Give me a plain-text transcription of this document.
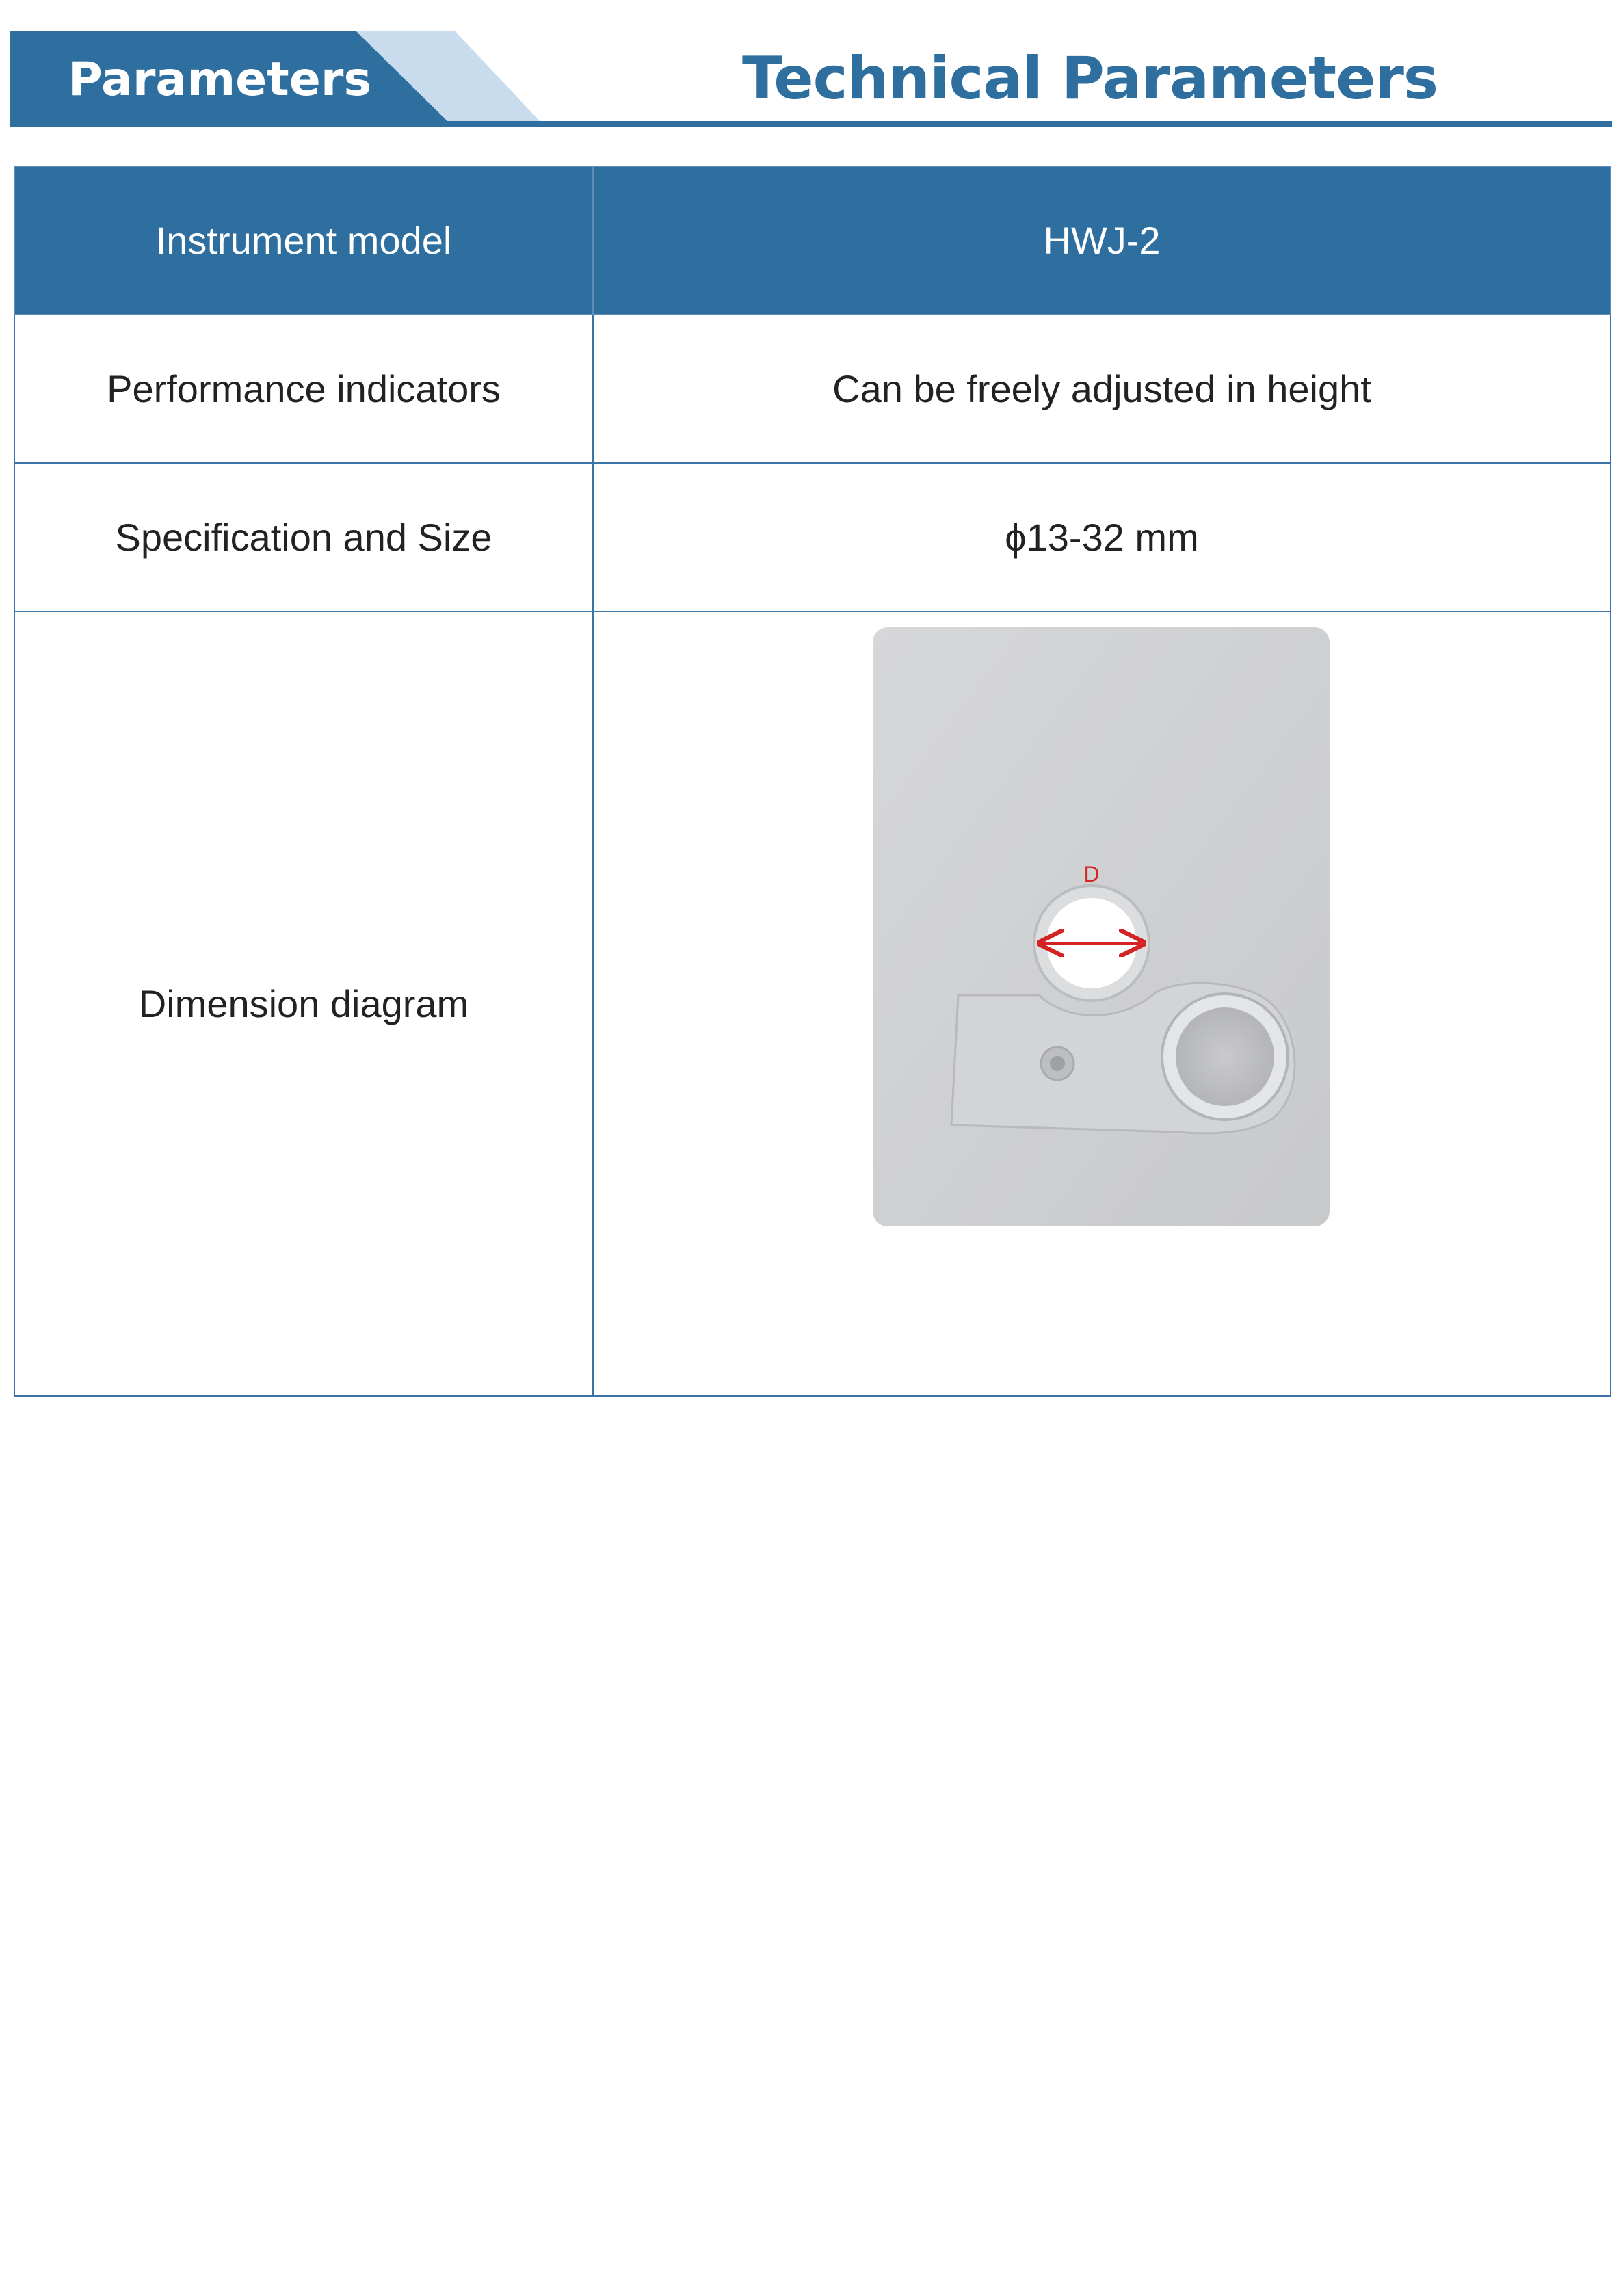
Parameters	Technical Parameters
Instrument model	HWJ-2
Performance indicators	Can be freely adjusted in height
Specification and Size	ϕ13-32 mm
Dimension diagram	D
